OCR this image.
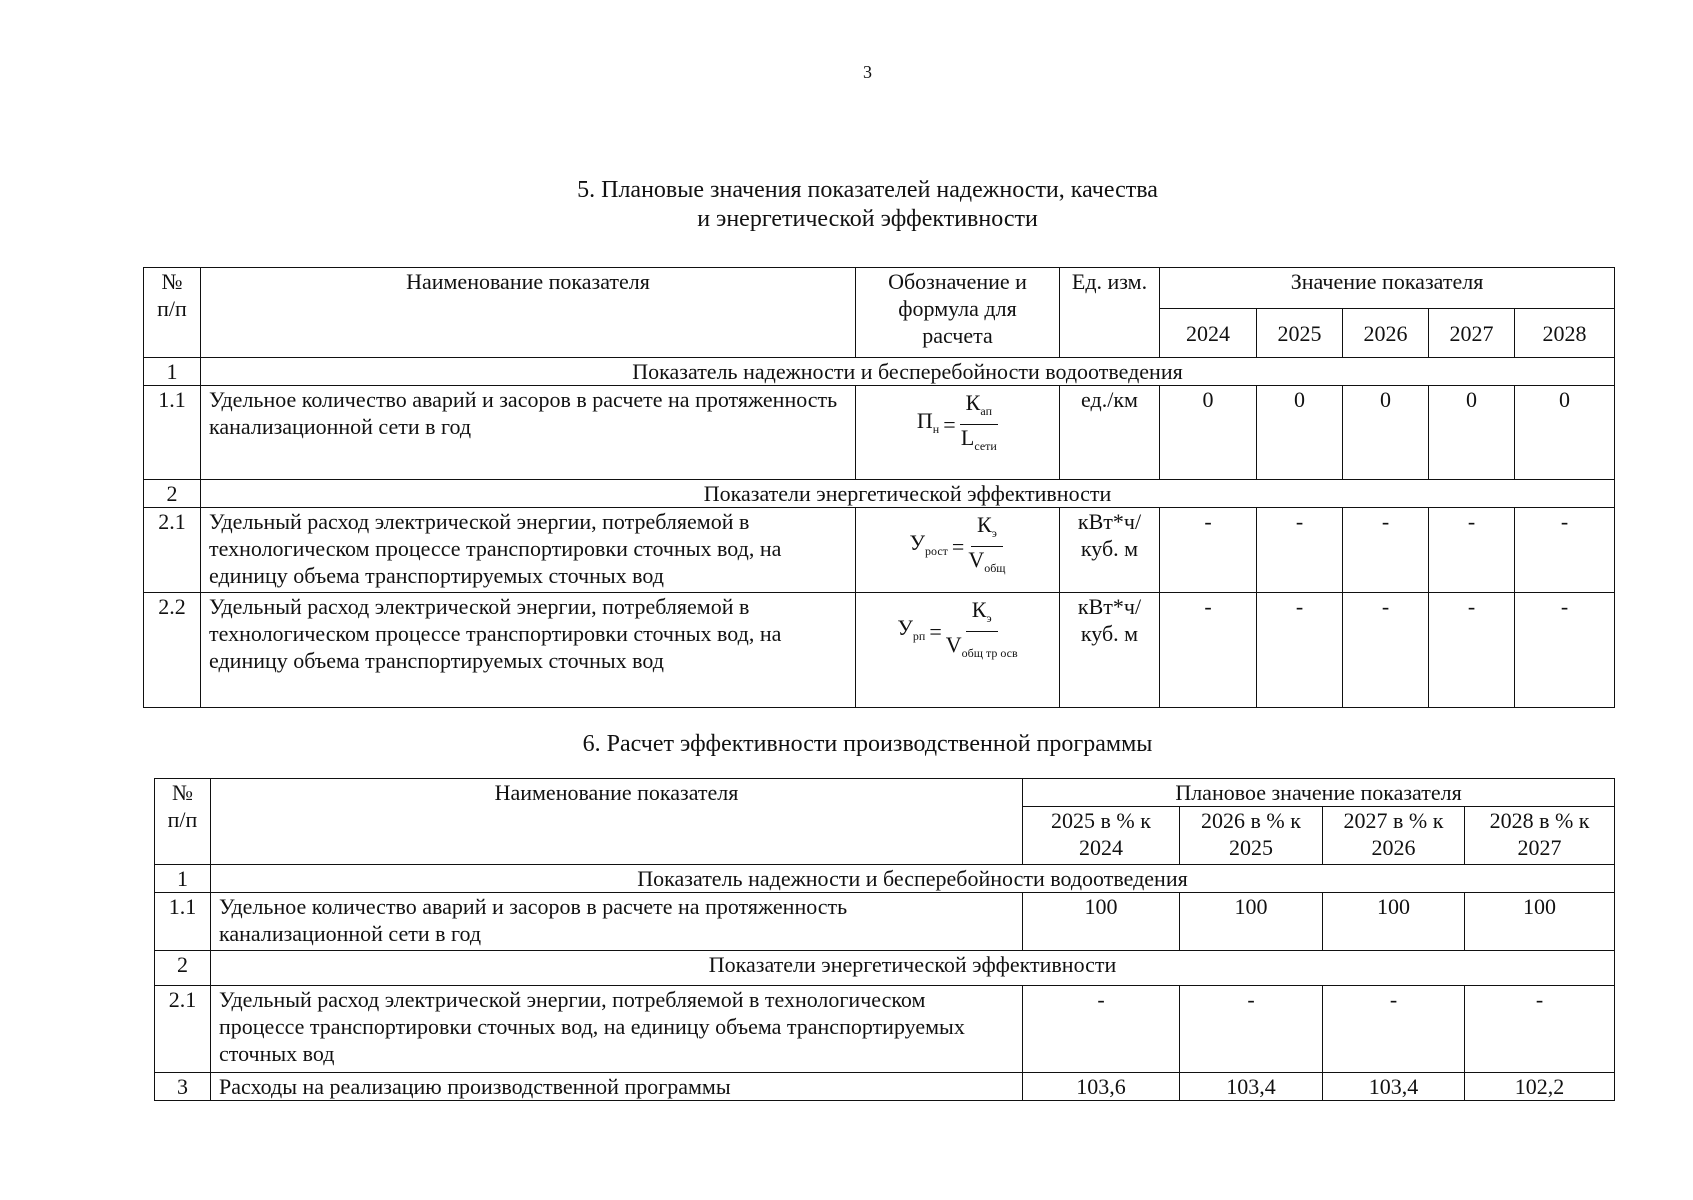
3
5. Плановые значения показателей надежности, качества
и энергетической эффективности
№ п/п	Наименование показателя	Обозначение и формула для расчета	Ед. изм.	Значение показателя				
				2024	2025	2026	2027	2028
1	Показатель надежности и бесперебойности водоотведения							
1.1	Удельное количество аварий и засоров в расчете на протяженность канализационной сети в год	$П_н = \frac{К_{ап}}{L_{сети}}$	ед./км	0	0	0	0	0
2	Показатели энергетической эффективности							
2.1	Удельный расход электрической энергии, потребляемой в технологическом процессе транспортировки сточных вод, на единицу объема транспортируемых сточных вод	$У_{рост} = \frac{К_э}{V_{общ}}$	кВт*ч/ куб. м	-	-	-	-	-
2.2	Удельный расход электрической энергии, потребляемой в технологическом процессе транспортировки сточных вод, на единицу объема транспортируемых сточных вод	$У_{рп} = \frac{К_э}{V_{общ тр осв}}$	кВт*ч/ куб. м	-	-	-	-	-
6. Расчет эффективности производственной программы
№ п/п	Наименование показателя	Плановое значение показателя			
		2025 в % к 2024	2026 в % к 2025	2027 в % к 2026	2028 в % к 2027
1	Показатель надежности и бесперебойности водоотведения				
1.1	Удельное количество аварий и засоров в расчете на протяженность канализационной сети в год	100	100	100	100
2	Показатели энергетической эффективности				
2.1	Удельный расход электрической энергии, потребляемой в технологическом процессе транспортировки сточных вод, на единицу объема транспортируемых сточных вод	-	-	-	-
3	Расходы на реализацию производственной программы	103,6	103,4	103,4	102,2
